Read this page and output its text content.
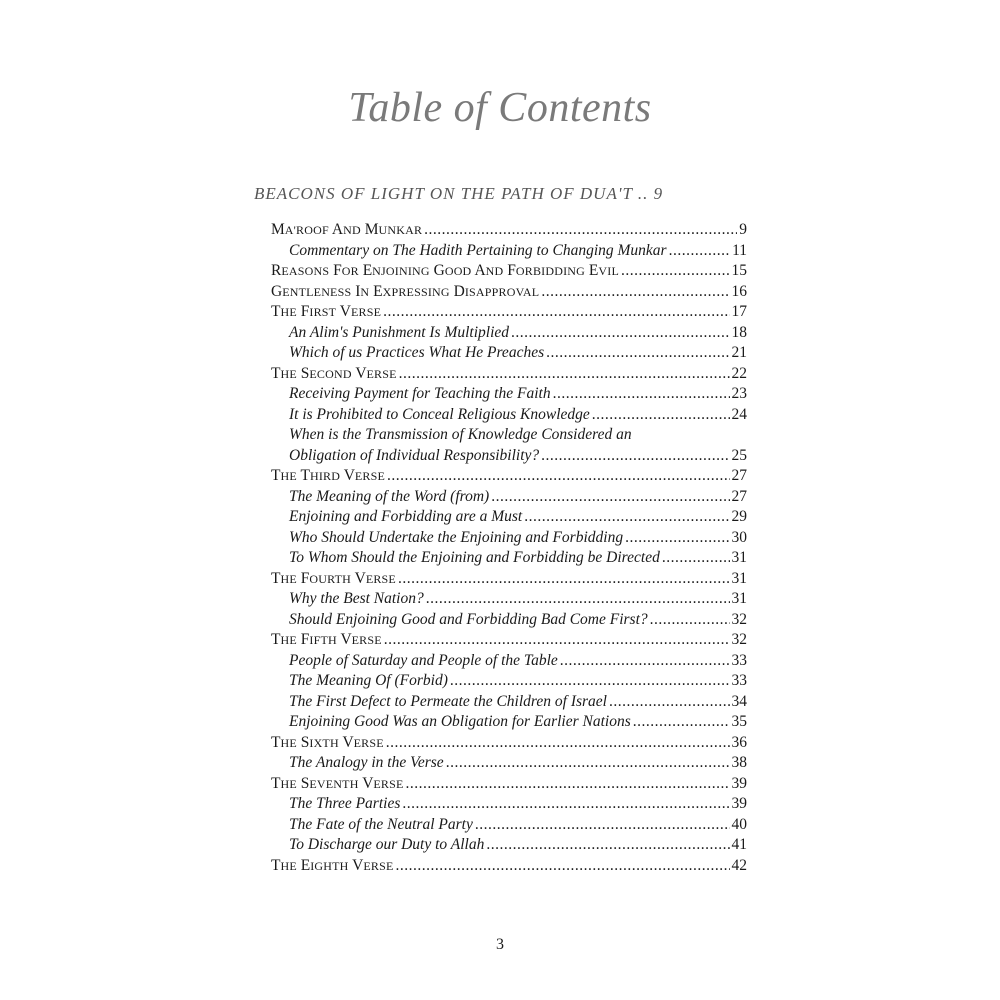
Table of Contents
BEACONS OF LIGHT ON THE PATH OF DUA'T .. 9
MA'ROOF AND MUNKAR .....	9
Commentary on The Hadith Pertaining to Changing Munkar .....	11
REASONS FOR ENJOINING GOOD AND FORBIDDING EVIL .....	15
GENTLENESS IN EXPRESSING DISAPPROVAL .....	16
THE FIRST VERSE .....	17
An Alim's Punishment Is Multiplied .....	18
Which of us Practices What He Preaches .....	21
THE SECOND VERSE .....	22
Receiving Payment for Teaching the Faith .....	23
It is Prohibited to Conceal Religious Knowledge .....	24
When is the Transmission of Knowledge Considered an
Obligation of Individual Responsibility? .....	25
THE THIRD VERSE .....	27
The Meaning of the Word (from) .....	27
Enjoining and Forbidding are a Must .....	29
Who Should Undertake the Enjoining and Forbidding .....	30
To Whom Should the Enjoining and Forbidding be Directed .....	31
THE FOURTH VERSE .....	31
Why the Best Nation? .....	31
Should Enjoining Good and Forbidding Bad Come First? .....	32
THE FIFTH VERSE .....	32
People of Saturday and People of the Table .....	33
The Meaning Of (Forbid) .....	33
The First Defect to Permeate the Children of Israel .....	34
Enjoining Good Was an Obligation for Earlier Nations .....	35
THE SIXTH VERSE .....	36
The Analogy in the Verse .....	38
THE SEVENTH VERSE .....	39
The Three Parties .....	39
The Fate of the Neutral Party .....	40
To Discharge our Duty to Allah .....	41
THE EIGHTH VERSE .....	42
3
